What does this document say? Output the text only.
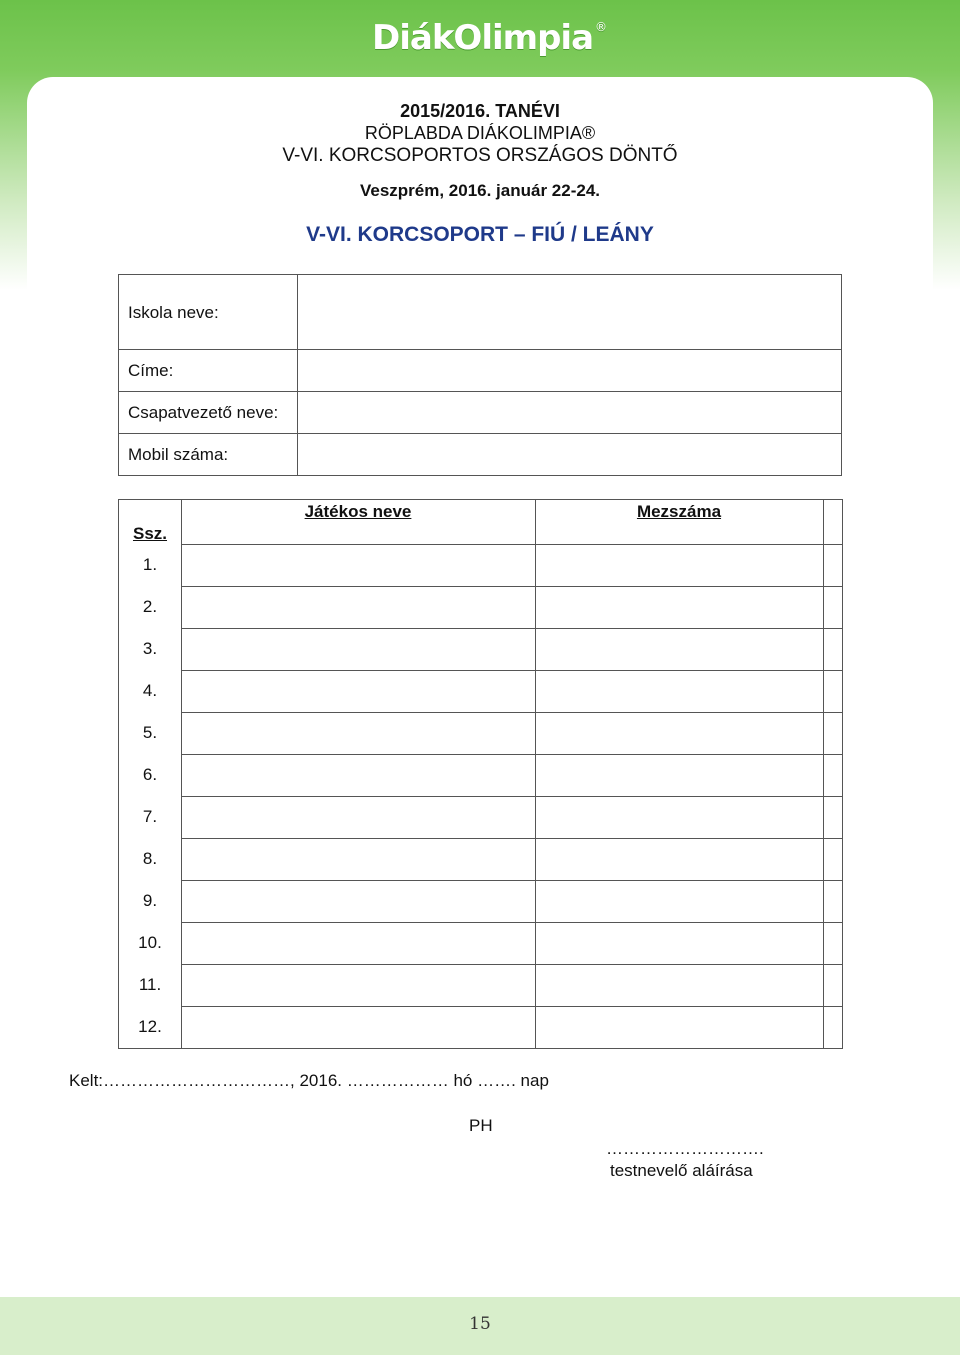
DiákOlimpia ®
2015/2016. TANÉVI
RÖPLABDA DIÁKOLIMPIA®
V-VI. KORCSOPORTOS ORSZÁGOS DÖNTŐ
Veszprém, 2016. január 22-24.
V-VI. KORCSOPORT – FIÚ / LEÁNY
Iskola neve:
Címe:
Csapatvezető neve:
Mobil száma:
Ssz.
Játékos neve	Mezszáma
1.
2.
3.
4.
5.
6.
7.
8.
9.
10.
11.
12.
Kelt:……………………………, 2016. ……………… hó ……. nap
PH
……………………….
testnevelő aláírása
15
